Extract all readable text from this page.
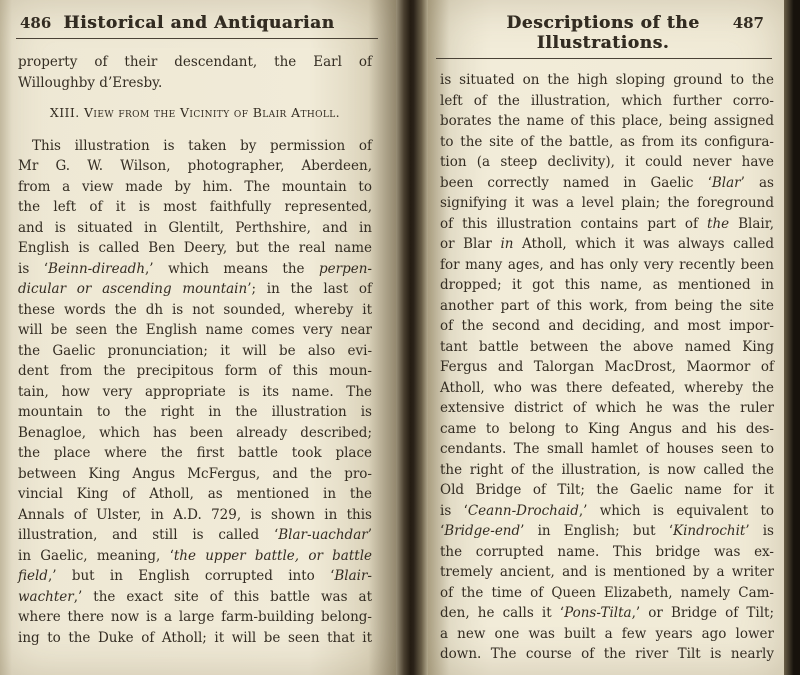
486 Historical and Antiquarian
property of their descendant, the Earl of
Willoughby d’Eresby.
XIII. View from the Vicinity of Blair Atholl.
This illustration is taken by permission of
Mr G. W. Wilson, photographer, Aberdeen,
from a view made by him. The mountain to
the left of it is most faithfully represented,
and is situated in Glentilt, Perthshire, and in
English is called Ben Deery, but the real name
is ‘Beinn-direadh,’ which means the perpen-
dicular or ascending mountain’; in the last of
these words the dh is not sounded, whereby it
will be seen the English name comes very near
the Gaelic pronunciation; it will be also evi-
dent from the precipitous form of this moun-
tain, how very appropriate is its name. The
mountain to the right in the illustration is
Benagloe, which has been already described;
the place where the first battle took place
between King Angus McFergus, and the pro-
vincial King of Atholl, as mentioned in the
Annals of Ulster, in A.D. 729, is shown in this
illustration, and still is called ‘Blar-uachdar’
in Gaelic, meaning, ‘the upper battle, or battle
field,’ but in English corrupted into ‘Blair-
wachter,’ the exact site of this battle was at
where there now is a large farm-building belong-
ing to the Duke of Atholl; it will be seen that it
Descriptions of the Illustrations.
487
is situated on the high sloping ground to the
left of the illustration, which further corro-
borates the name of this place, being assigned
to the site of the battle, as from its configura-
tion (a steep declivity), it could never have
been correctly named in Gaelic ‘Blar’ as
signifying it was a level plain; the foreground
of this illustration contains part of the Blair,
or Blar in Atholl, which it was always called
for many ages, and has only very recently been
dropped; it got this name, as mentioned in
another part of this work, from being the site
of the second and deciding, and most impor-
tant battle between the above named King
Fergus and Talorgan MacDrost, Maormor of
Atholl, who was there defeated, whereby the
extensive district of which he was the ruler
came to belong to King Angus and his des-
cendants. The small hamlet of houses seen to
the right of the illustration, is now called the
Old Bridge of Tilt; the Gaelic name for it
is ‘Ceann-Drochaid,’ which is equivalent to
‘Bridge-end’ in English; but ‘Kindrochit’ is
the corrupted name. This bridge was ex-
tremely ancient, and is mentioned by a writer
of the time of Queen Elizabeth, namely Cam-
den, he calls it ‘Pons-Tilta,’ or Bridge of Tilt;
a new one was built a few years ago lower
down. The course of the river Tilt is nearly
